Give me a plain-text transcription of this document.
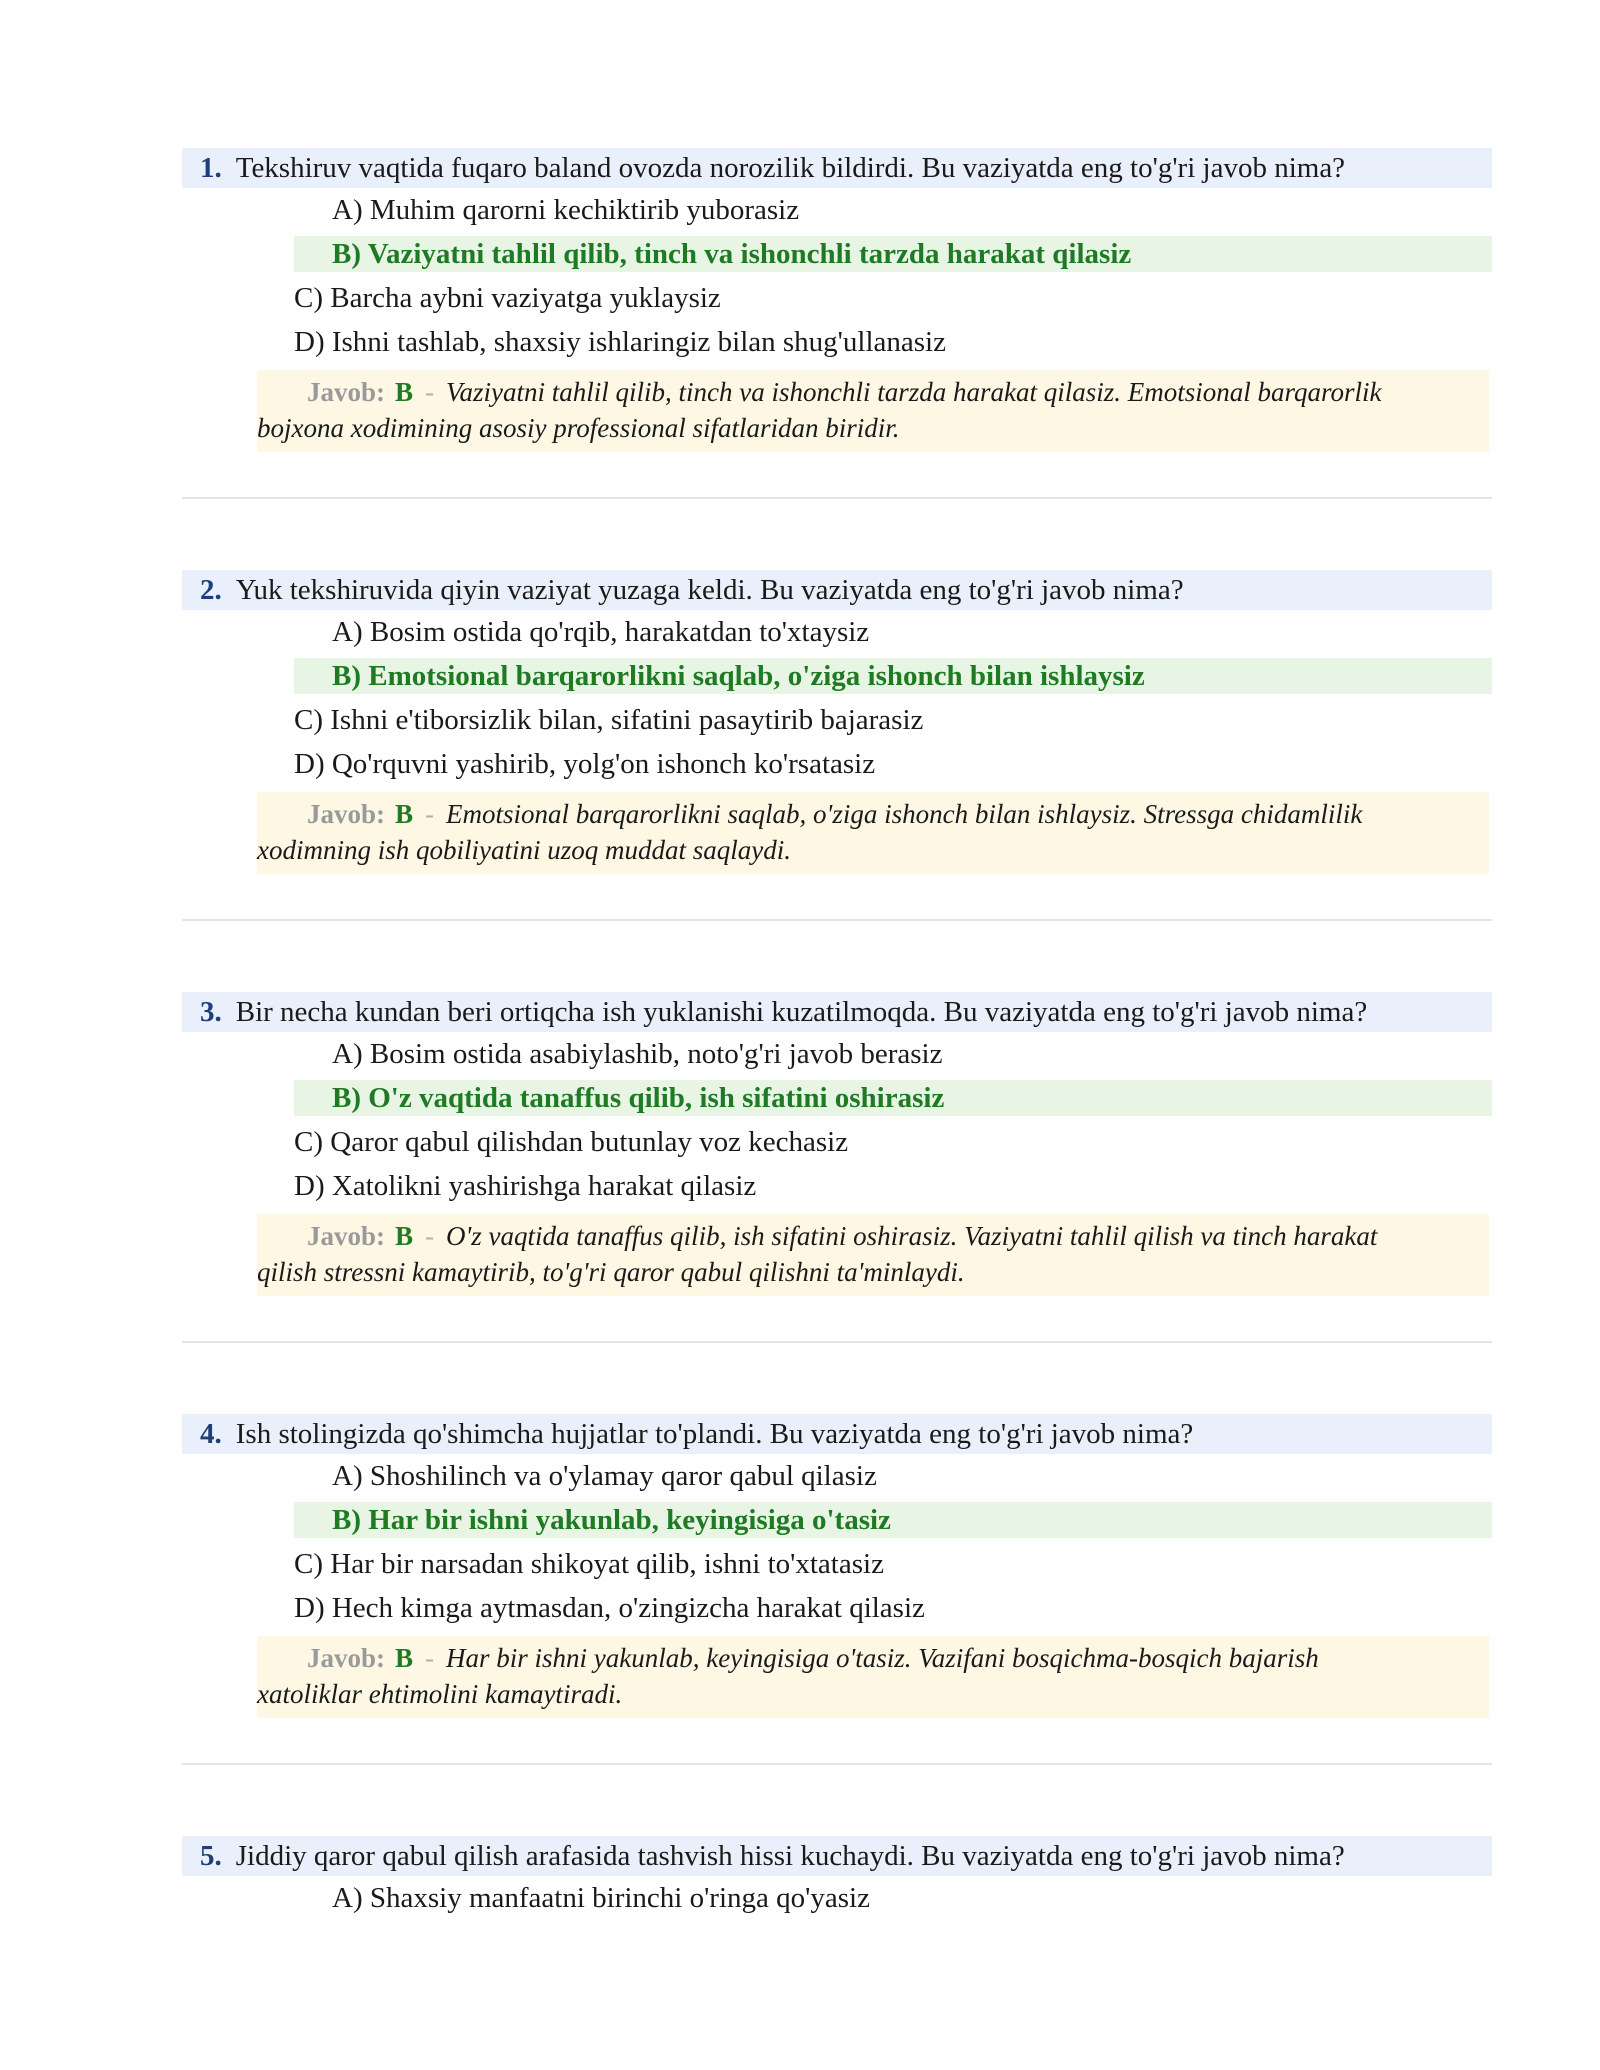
1. Tekshiruv vaqtida fuqaro baland ovozda norozilik bildirdi. Bu vaziyatda eng to'g'ri javob nima?
A) Muhim qarorni kechiktirib yuborasiz
B) Vaziyatni tahlil qilib, tinch va ishonchli tarzda harakat qilasiz
C) Barcha aybni vaziyatga yuklaysiz
D) Ishni tashlab, shaxsiy ishlaringiz bilan shug'ullanasiz
Javob: B - Vaziyatni tahlil qilib, tinch va ishonchli tarzda harakat qilasiz. Emotsional barqarorlik
bojxona xodimining asosiy professional sifatlaridan biridir.
2. Yuk tekshiruvida qiyin vaziyat yuzaga keldi. Bu vaziyatda eng to'g'ri javob nima?
A) Bosim ostida qo'rqib, harakatdan to'xtaysiz
B) Emotsional barqarorlikni saqlab, o'ziga ishonch bilan ishlaysiz
C) Ishni e'tiborsizlik bilan, sifatini pasaytirib bajarasiz
D) Qo'rquvni yashirib, yolg'on ishonch ko'rsatasiz
Javob: B - Emotsional barqarorlikni saqlab, o'ziga ishonch bilan ishlaysiz. Stressga chidamlilik
xodimning ish qobiliyatini uzoq muddat saqlaydi.
3. Bir necha kundan beri ortiqcha ish yuklanishi kuzatilmoqda. Bu vaziyatda eng to'g'ri javob nima?
A) Bosim ostida asabiylashib, noto'g'ri javob berasiz
B) O'z vaqtida tanaffus qilib, ish sifatini oshirasiz
C) Qaror qabul qilishdan butunlay voz kechasiz
D) Xatolikni yashirishga harakat qilasiz
Javob: B - O'z vaqtida tanaffus qilib, ish sifatini oshirasiz. Vaziyatni tahlil qilish va tinch harakat
qilish stressni kamaytirib, to'g'ri qaror qabul qilishni ta'minlaydi.
4. Ish stolingizda qo'shimcha hujjatlar to'plandi. Bu vaziyatda eng to'g'ri javob nima?
A) Shoshilinch va o'ylamay qaror qabul qilasiz
B) Har bir ishni yakunlab, keyingisiga o'tasiz
C) Har bir narsadan shikoyat qilib, ishni to'xtatasiz
D) Hech kimga aytmasdan, o'zingizcha harakat qilasiz
Javob: B - Har bir ishni yakunlab, keyingisiga o'tasiz. Vazifani bosqichma-bosqich bajarish
xatoliklar ehtimolini kamaytiradi.
5. Jiddiy qaror qabul qilish arafasida tashvish hissi kuchaydi. Bu vaziyatda eng to'g'ri javob nima?
A) Shaxsiy manfaatni birinchi o'ringa qo'yasiz
